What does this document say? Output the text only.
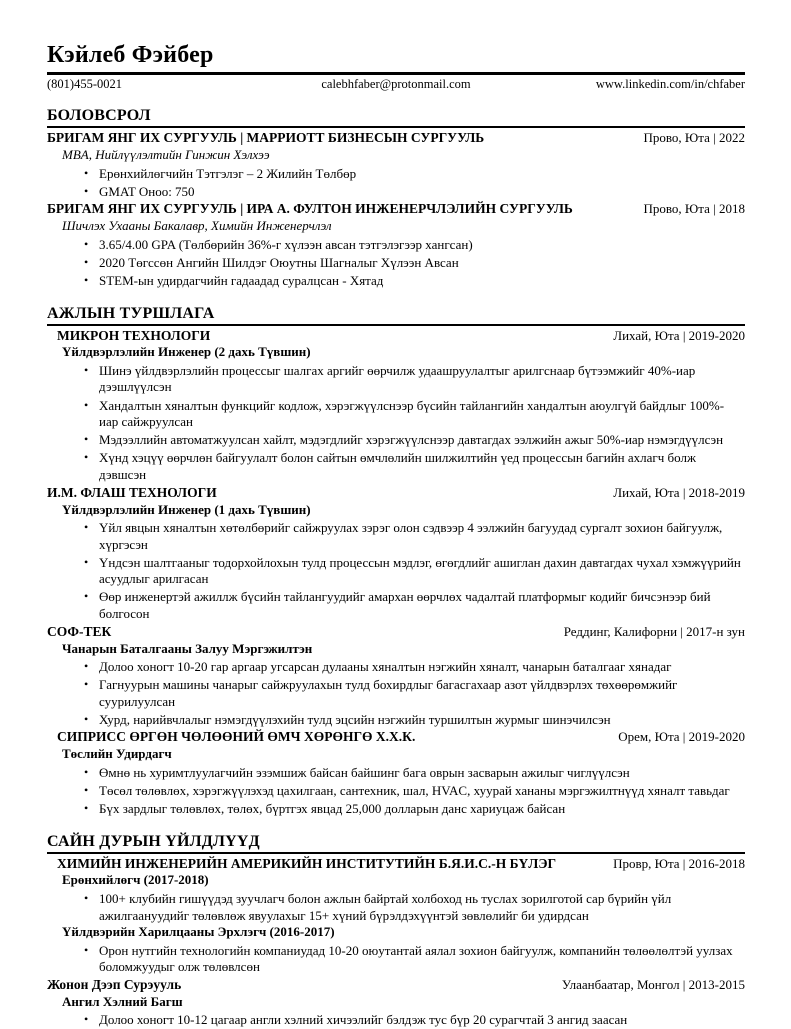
Кэйлеб Фэйбер
(801)455-0021	calebhfaber@protonmail.com	www.linkedin.com/in/chfaber
БОЛОВСРОЛ
БРИГАМ ЯНГ ИХ СУРГУУЛЬ | МАРРИОТТ БИЗНЕСЫН СУРГУУЛЬ	Прово, Юта | 2022
MBA, Нийлүүлэлтийн Гинжин Хэлхээ
• Ерөнхийлөгчийн Тэтгэлэг – 2 Жилийн Төлбөр
• GMAT Оноо: 750
БРИГАМ ЯНГ ИХ СУРГУУЛЬ | ИРА А. ФУЛТОН ИНЖЕНЕРЧЛЭЛИЙН СУРГУУЛЬ	Прово, Юта | 2018
Шичлэх Ухааны Бакалавр, Химийн Инженерчлэл
• 3.65/4.00 GPA (Төлбөрийн 36%-г хүлээн авсан тэтгэлэгээр хангсан)
• 2020 Төгссөн Ангийн Шилдэг Оюутны Шагналыг Хүлээн Авсан
• STEM-ын удирдагчийн гадаадад суралцсан - Хятад
АЖЛЫН ТУРШЛАГА
МИКРОН ТЕХНОЛОГИ	Лихай, Юта | 2019-2020
Үйлдвэрлэлийн Инженер (2 дахь Түвшин)
• Шинэ үйлдвэрлэлийн процессыг шалгах аргийг өөрчилж удаашруулалтыг арилгснаар бүтээмжийг 40%-иар дээшлүүлсэн
• Хандалтын хяналтын функцийг кодлож, хэрэгжүүлснээр бүсийн тайлангийн хандалтын аюулгүй байдлыг 100%-иар сайжруулсан
• Мэдээллийн автоматжуулсан хайлт, мэдэгдлийг хэрэгжүүлснээр давтагдах ээлжийн ажыг 50%-иар нэмэгдүүлсэн
• Хүнд хэцүү өөрчлөн байгуулалт болон сайтын өмчлөлийн шилжилтийн үед процессын багийн ахлагч болж дэвшсэн
И.М. ФЛАШ ТЕХНОЛОГИ	Лихай, Юта | 2018-2019
Үйлдвэрлэлийн Инженер (1 дахь Түвшин)
• Үйл явцын хяналтын хөтөлбөрийг сайжруулах зэрэг олон сэдвээр 4 ээлжийн багуудад сургалт зохион байгуулж, хүргэсэн
• Үндсэн шалтгааныг тодорхойлохын тулд процессын мэдлэг, өгөгдлийг ашиглан дахин давтагдах чухал хэмжүүрийн асуудлыг арилгасан
• Өөр инженертэй ажиллж бүсийн тайлангуудийг амархан өөрчлөх чадалтай платформыг кодийг бичсэнээр бий болгосон
СОФ-ТЕК	Реддинг, Калифорни | 2017-н зун
Чанарын Баталгааны Залуу Мэргэжилтэн
• Долоо хоногт 10-20 гар аргаар угсарсан дулааны хяналтын нэгжийн хяналт, чанарын баталгааг хянадаг
• Гагнуурын машины чанарыг сайжруулахын тулд бохирдлыг багасгахаар азот үйлдвэрлэх төхөөрөмжийг суурилуулсан
• Хурд, нарийвчлалыг нэмэгдүүлэхийн тулд эцсийн нэгжийн туршилтын журмыг шинэчилсэн
СИПРИСС ӨРГӨН ЧӨЛӨӨНИЙ ӨМЧ ХӨРӨНГӨ Х.Х.К.	Орем, Юта | 2019-2020
Төслийн Удирдагч
• Өмнө нь хуримтлуулагчийн эзэмшиж байсан байшинг бага оврын засварын ажилыг чиглүүлсэн
• Төсөл төлөвлөх, хэрэгжүүлэхэд цахилгаан, сантехник, шал, HVAC, хуурай хананы мэргэжилтнүүд хяналт тавьдаг
• Бүх зардлыг төлөвлөх, төлөх, бүртгэх явцад 25,000 долларын данс хариуцаж байсан
САЙН ДУРЫН ҮЙЛДЛҮҮД
ХИМИЙН ИНЖЕНЕРИЙН АМЕРИКИЙН ИНСТИТУТИЙН Б.Я.И.С.-Н БҮЛЭГ	Провр, Юта | 2016-2018
Ерөнхийлөгч (2017-2018)
• 100+ клубийн гишүүдэд зуучлагч болон ажлын байртай холбоход нь туслах зорилготой сар бүрийн үйл ажилгаануудийг төлөвлөж явуулахыг 15+ хүний бүрэлдэхүүнтэй зөвлөлийг би удирдсан
Үйлдвэрийн Харилцааны Эрхлэгч (2016-2017)
• Орон нутгийн технологийн компаниудад 10-20 оюутантай аялал зохион байгуулж, компанийн төлөөлөлтэй уулзах боломжуудыг олж төлөвлсөн
Жонон Дээп Сурэууль	Улаанбаатар, Монгол | 2013-2015
Ангил Хэлний Багш
• Долоо хоногт 10-12 цагаар англи хэлний хичээлийг бэлдэж тус бүр 20 сурагчтай 3 ангид заасан
